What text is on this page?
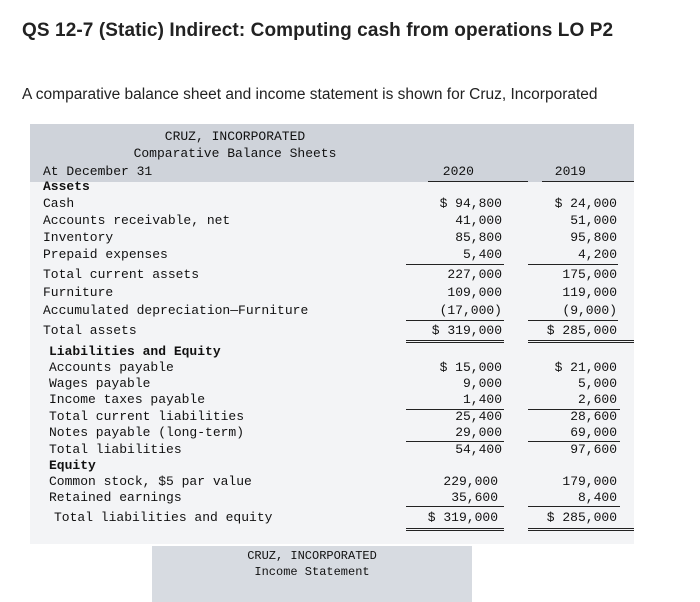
QS 12-7 (Static) Indirect: Computing cash from operations LO P2
A comparative balance sheet and income statement is shown for Cruz, Incorporated
CRUZ, INCORPORATED
Comparative Balance Sheets
At December 31	2020	2019
Assets
Cash	$ 94,800	$ 24,000
Accounts receivable, net	41,000	51,000
Inventory	85,800	95,800
Prepaid expenses	5,400	4,200
Total current assets	227,000	175,000
Furniture	109,000	119,000
Accumulated depreciation—Furniture	(17,000)	(9,000)
Total assets	$ 319,000	$ 285,000
Liabilities and Equity
Accounts payable	$ 15,000	$ 21,000
Wages payable	9,000	5,000
Income taxes payable	1,400	2,600
Total current liabilities	25,400	28,600
Notes payable (long-term)	29,000	69,000
Total liabilities	54,400	97,600
Equity
Common stock, $5 par value	229,000	179,000
Retained earnings	35,600	8,400
Total liabilities and equity	$ 319,000	$ 285,000
CRUZ, INCORPORATED
Income Statement
